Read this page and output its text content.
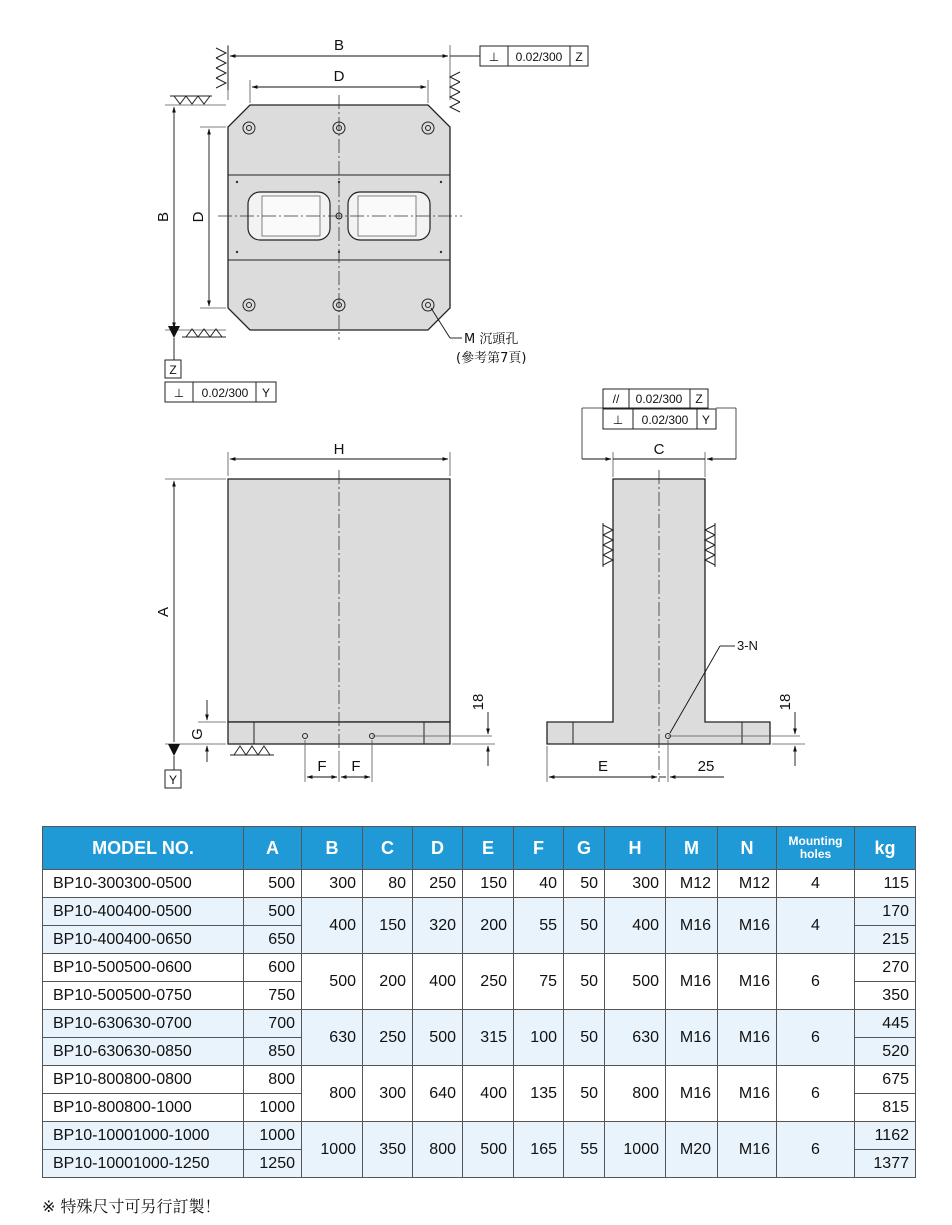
B
D
B D
Z
⊥ 0.02/300 Y
⊥ 0.02/300 Z
M 沉頭孔
(參考第7頁)
H
A
G
18
F F
Y
C
// 0.02/300 Z
⊥ 0.02/300 Y
3-N
18
E	25
MODEL NO.	A	B	C	D	E	F	G	H	M	N	Mounting holes	kg
BP10-300300-0500	500	300	80	250	150	40	50	300	M12	M12	4	115
BP10-400400-0500	500	400	150	320	200	55	50	400	M16	M16	4	170
BP10-400400-0650	650											215
BP10-500500-0600	600	500	200	400	250	75	50	500	M16	M16	6	270
BP10-500500-0750	750											350
BP10-630630-0700	700	630	250	500	315	100	50	630	M16	M16	6	445
BP10-630630-0850	850											520
BP10-800800-0800	800	800	300	640	400	135	50	800	M16	M16	6	675
BP10-800800-1000	1000											815
BP10-10001000-1000	1000	1000	350	800	500	165	55	1000	M20	M16	6	1162
BP10-10001000-1250	1250											1377
※ 特殊尺寸可另行訂製！
